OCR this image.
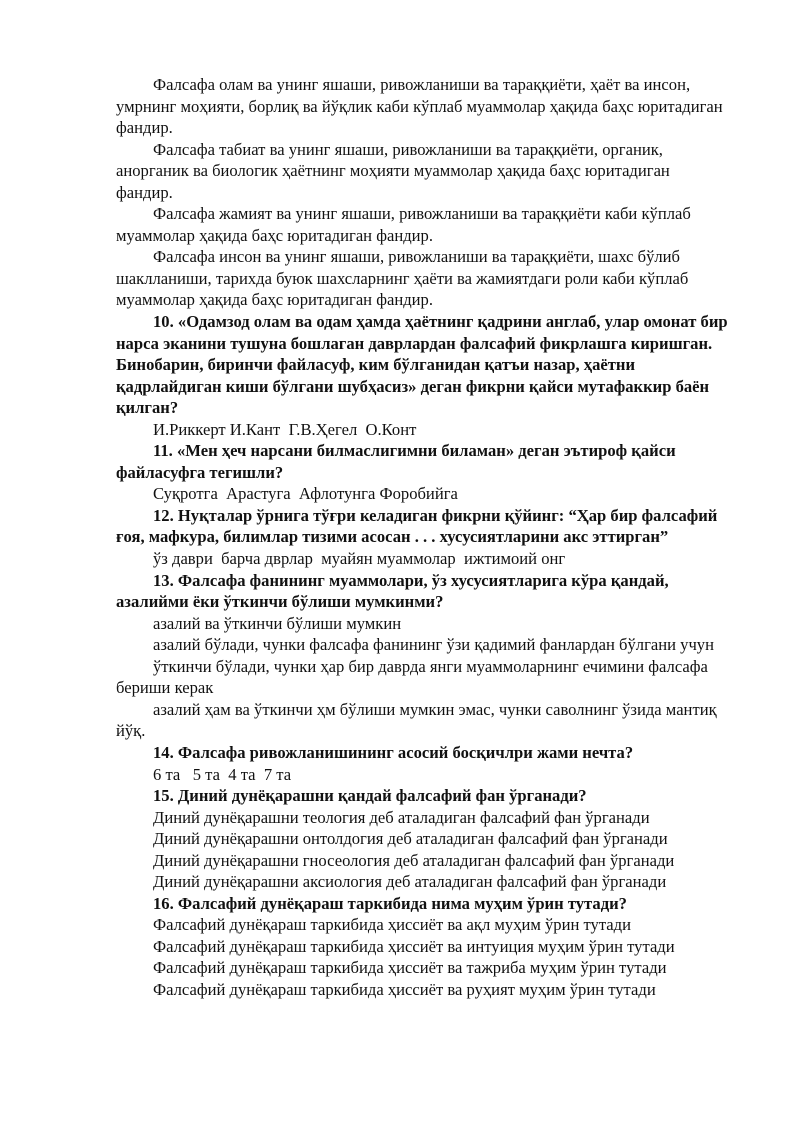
Фалсафа олам ва унинг яшаши, ривожланиши ва тараққиёти, ҳаёт ва инсон, умрнинг моҳияти, борлиқ ва йўқлик каби кўплаб муаммолар ҳақида баҳс юритадиган фандир.

Фалсафа табиат ва унинг яшаши, ривожланиши ва тараққиёти, органик, анорганик ва биологик ҳаётнинг моҳияти муаммолар ҳақида баҳс юритадиган фандир.

Фалсафа жамият ва унинг яшаши, ривожланиши ва тараққиёти каби кўплаб муаммолар ҳақида баҳс юритадиган фандир.

Фалсафа инсон ва унинг яшаши, ривожланиши ва тараққиёти, шахс бўлиб шаклланиши, тарихда буюк шахсларнинг ҳаёти ва жамиятдаги роли каби кўплаб муаммолар ҳақида баҳс юритадиган фандир.

10. «Одамзод олам ва одам ҳамда ҳаётнинг қадрини англаб, улар омонат бир нарса эканини тушуна бошлаган даврлардан фалсафий фикрлашга киришган. Бинобарин, биринчи файласуф, ким бўлганидан қатъи назар, ҳаётни қадрлайдиган киши бўлгани шубҳасиз» деган фикрни қайси мутафаккир баён қилган?

И.Риккерт И.Кант  Г.В.Ҳегел  О.Конт

11. «Мен ҳеч нарсани билмаслигимни биламан» деган эътироф қайси файласуфга тегишли?

Суқротга  Арастуга  Афлотунга Форобийга

12. Нуқталар ўрнига тўғри келадиган фикрни қўйинг: “Ҳар бир фалсафий ғоя, мафкура, билимлар тизими асосан . . . хусусиятларини акс эттирган”

ўз даври  барча дврлар  муайян муаммолар  ижтимоий онг

13. Фалсафа фанининг муаммолари, ўз хусусиятларига кўра қандай, азалийми ёки ўткинчи бўлиши мумкинми?

азалий ва ўткинчи бўлиши мумкин

азалий бўлади, чунки фалсафа фанининг ўзи қадимий фанлардан бўлгани учун

ўткинчи бўлади, чунки ҳар бир даврда янги муаммоларнинг ечимини фалсафа бериши керак

азалий ҳам ва ўткинчи ҳм бўлиши мумкин эмас, чунки саволнинг ўзида мантиқ йўқ.

14. Фалсафа ривожланишининг асосий босқичлри жами нечта?

6 та   5 та  4 та  7 та

15. Диний дунёқарашни қандай фалсафий фан ўрганади?

Диний дунёқарашни теология деб аталадиган фалсафий фан ўрганади

Диний дунёқарашни онтолдогия деб аталадиган фалсафий фан ўрганади

Диний дунёқарашни гносеология деб аталадиган фалсафий фан ўрганади

Диний дунёқарашни аксиология деб аталадиган фалсафий фан ўрганади

16. Фалсафий дунёқараш таркибида нима муҳим ўрин тутади?

Фалсафий дунёқараш таркибида ҳиссиёт ва ақл муҳим ўрин тутади

Фалсафий дунёқараш таркибида ҳиссиёт ва интуиция муҳим ўрин тутади

Фалсафий дунёқараш таркибида ҳиссиёт ва тажриба муҳим ўрин тутади

Фалсафий дунёқараш таркибида ҳиссиёт ва руҳият муҳим ўрин тутади
